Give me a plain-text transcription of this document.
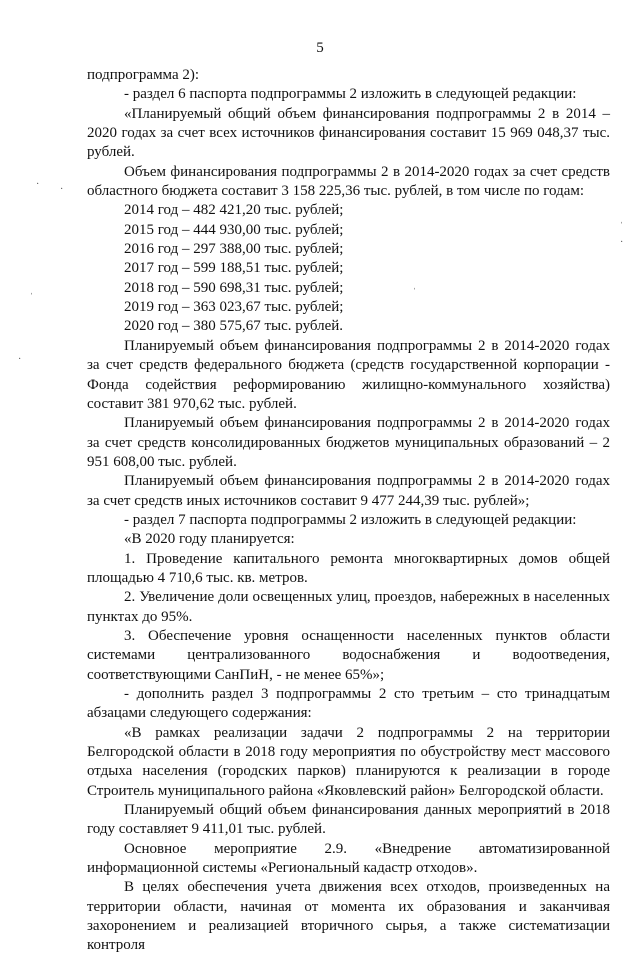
5

подпрограмма 2):

- раздел 6 паспорта подпрограммы 2 изложить в следующей редакции:

«Планируемый общий объем финансирования подпрограммы 2 в 2014 – 2020 годах за счет всех источников финансирования составит 15 969 048,37 тыс. рублей.

Объем финансирования подпрограммы 2 в 2014-2020 годах за счет средств областного бюджета составит 3 158 225,36 тыс. рублей, в том числе по годам:

2014 год – 482 421,20 тыс. рублей;

2015 год – 444 930,00 тыс. рублей;

2016 год – 297 388,00 тыс. рублей;

2017 год – 599 188,51 тыс. рублей;

2018 год – 590 698,31 тыс. рублей;

2019 год – 363 023,67 тыс. рублей;

2020 год – 380 575,67 тыс. рублей.

Планируемый объем финансирования подпрограммы 2 в 2014-2020 годах за счет средств федерального бюджета (средств государственной корпорации - Фонда содействия реформированию жилищно-коммунального хозяйства) составит 381 970,62 тыс. рублей.

Планируемый объем финансирования подпрограммы 2 в 2014-2020 годах за счет средств консолидированных бюджетов муниципальных образований – 2 951 608,00 тыс. рублей.

Планируемый объем финансирования подпрограммы 2 в 2014-2020 годах за счет средств иных источников составит 9 477 244,39 тыс. рублей»;

- раздел 7 паспорта подпрограммы 2 изложить в следующей редакции:

«В 2020 году планируется:

1. Проведение капитального ремонта многоквартирных домов общей площадью 4 710,6 тыс. кв. метров.

2. Увеличение доли освещенных улиц, проездов, набережных в населенных пунктах до 95%.

3. Обеспечение уровня оснащенности населенных пунктов области системами централизованного водоснабжения и водоотведения, соответствующими СанПиН, - не менее 65%»;

- дополнить раздел 3 подпрограммы 2 сто третьим – сто тринадцатым абзацами следующего содержания:

«В рамках реализации задачи 2 подпрограммы 2 на территории Белгородской области в 2018 году мероприятия по обустройству мест массового отдыха населения (городских парков) планируются к реализации в городе Строитель муниципального района «Яковлевский район» Белгородской области.

Планируемый общий объем финансирования данных мероприятий в 2018 году составляет 9 411,01 тыс. рублей.

Основное мероприятие 2.9. «Внедрение автоматизированной информационной системы «Региональный кадастр отходов».

В целях обеспечения учета движения всех отходов, произведенных на территории области, начиная от момента их образования и заканчивая захоронением и реализацией вторичного сырья, а также систематизации контроля

· ·
ˌ
·
ˈ
·
ˈ
